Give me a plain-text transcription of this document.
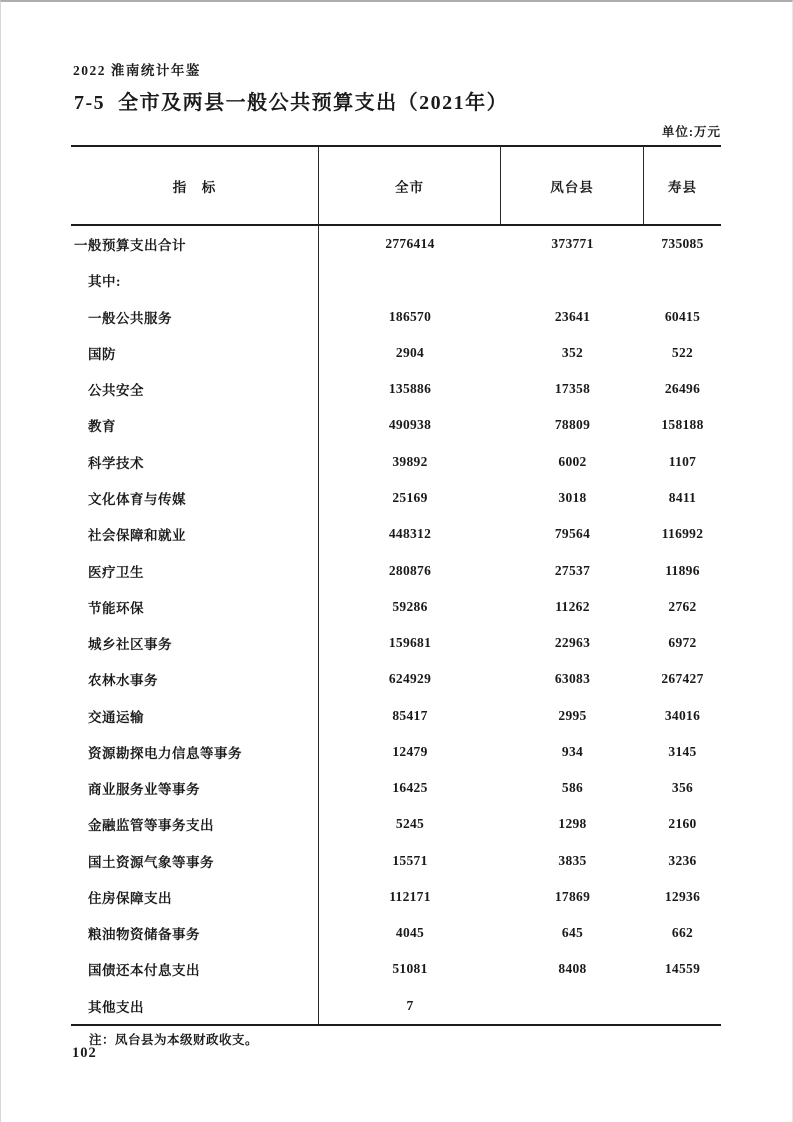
2022 淮南统计年鉴
7-5  全市及两县一般公共预算支出（2021年）
单位:万元
指　标	全市	凤台县	寿县
一般预算支出合计	2776414	373771	735085
其中:
一般公共服务	186570	23641	60415
国防	2904	352	522
公共安全	135886	17358	26496
教育	490938	78809	158188
科学技术	39892	6002	1107
文化体育与传媒	25169	3018	8411
社会保障和就业	448312	79564	116992
医疗卫生	280876	27537	11896
节能环保	59286	11262	2762
城乡社区事务	159681	22963	6972
农林水事务	624929	63083	267427
交通运输	85417	2995	34016
资源勘探电力信息等事务	12479	934	3145
商业服务业等事务	16425	586	356
金融监管等事务支出	5245	1298	2160
国土资源气象等事务	15571	3835	3236
住房保障支出	112171	17869	12936
粮油物资储备事务	4045	645	662
国债还本付息支出	51081	8408	14559
其他支出	7
注：凤台县为本级财政收支。
102
